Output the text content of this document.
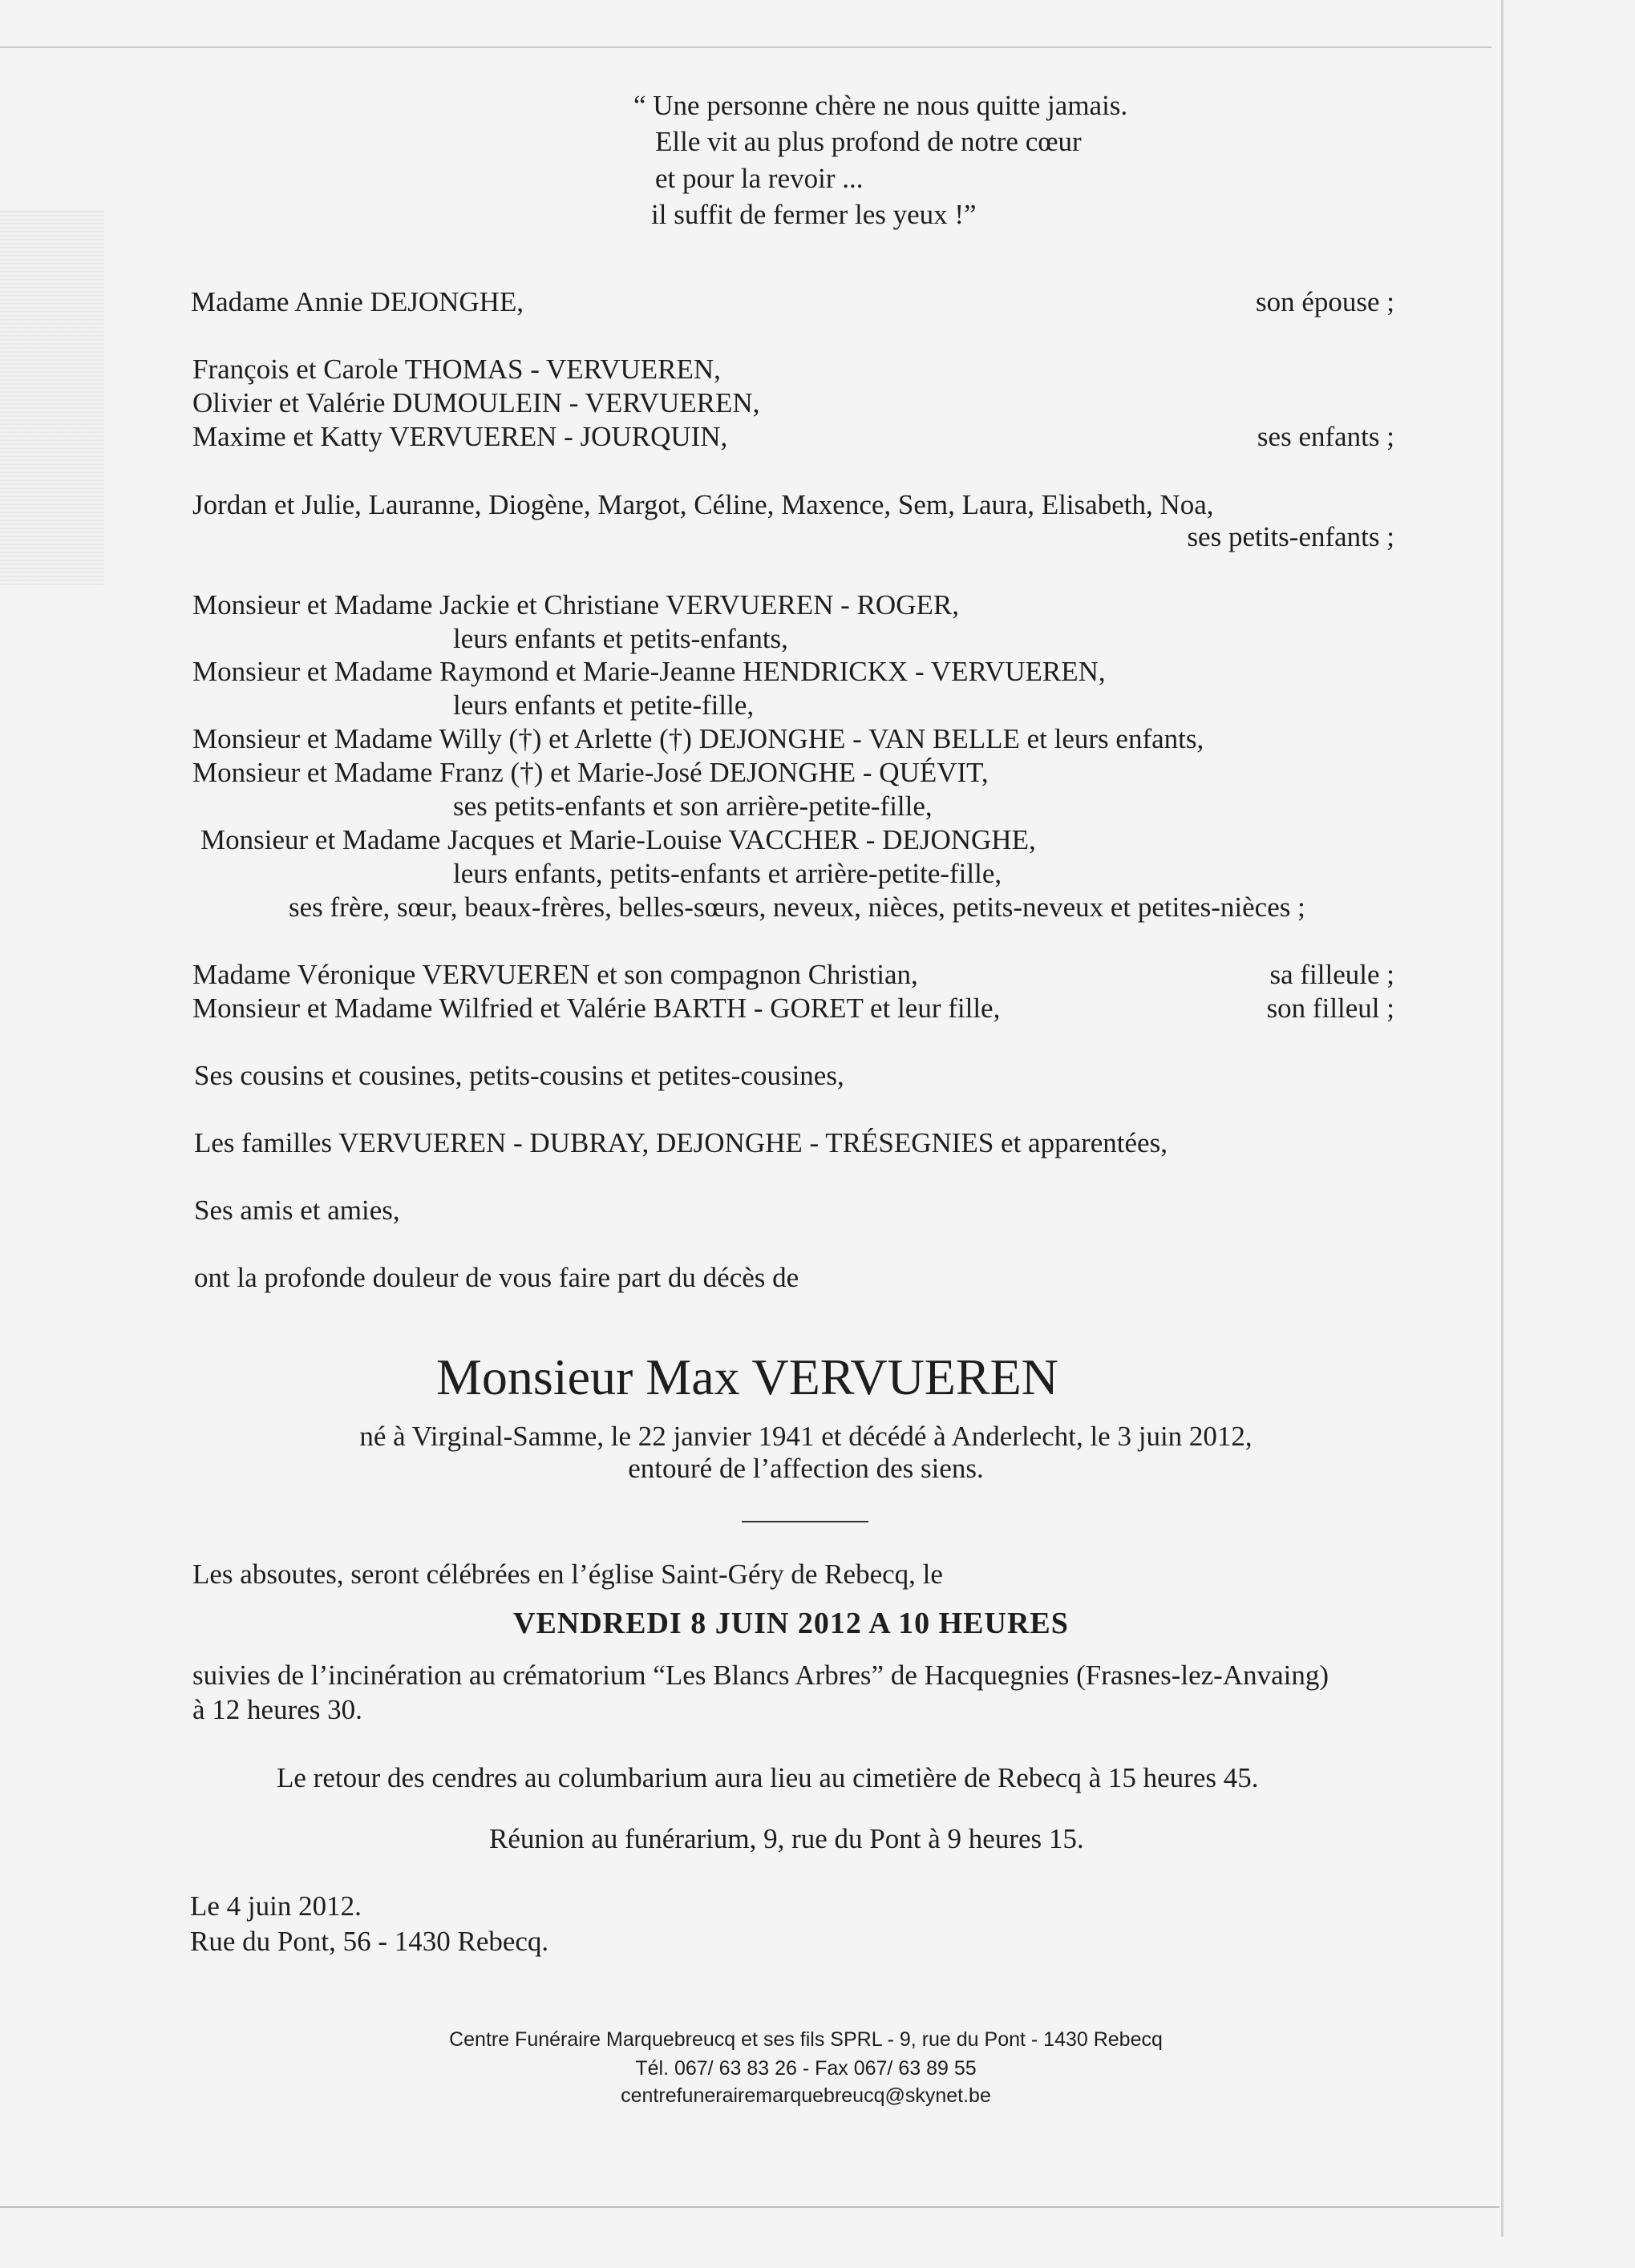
“ Une personne chère ne nous quitte jamais.
Elle vit au plus profond de notre cœur
et pour la revoir ...
il suffit de fermer les yeux !”
Madame Annie DEJONGHE,	son épouse ;
François et Carole THOMAS - VERVUEREN,
Olivier et Valérie DUMOULEIN - VERVUEREN,
Maxime et Katty VERVUEREN - JOURQUIN,	ses enfants ;
Jordan et Julie, Lauranne, Diogène, Margot, Céline, Maxence, Sem, Laura, Elisabeth, Noa,
ses petits-enfants ;
Monsieur et Madame Jackie et Christiane VERVUEREN - ROGER,
leurs enfants et petits-enfants,
Monsieur et Madame Raymond et Marie-Jeanne HENDRICKX - VERVUEREN,
leurs enfants et petite-fille,
Monsieur et Madame Willy (†) et Arlette (†) DEJONGHE - VAN BELLE et leurs enfants,
Monsieur et Madame Franz (†) et Marie-José DEJONGHE - QUÉVIT,
ses petits-enfants et son arrière-petite-fille,
Monsieur et Madame Jacques et Marie-Louise VACCHER - DEJONGHE,
leurs enfants, petits-enfants et arrière-petite-fille,
ses frère, sœur, beaux-frères, belles-sœurs, neveux, nièces, petits-neveux et petites-nièces ;
Madame Véronique VERVUEREN et son compagnon Christian,	sa filleule ;
Monsieur et Madame Wilfried et Valérie BARTH - GORET et leur fille,	son filleul ;
Ses cousins et cousines, petits-cousins et petites-cousines,
Les familles VERVUEREN - DUBRAY, DEJONGHE - TRÉSEGNIES et apparentées,
Ses amis et amies,
ont la profonde douleur de vous faire part du décès de
Monsieur Max VERVUEREN
né à Virginal-Samme, le 22 janvier 1941 et décédé à Anderlecht, le 3 juin 2012,
entouré de l’affection des siens.
Les absoutes, seront célébrées en l’église Saint-Géry de Rebecq, le
VENDREDI 8 JUIN 2012 A 10 HEURES
suivies de l’incinération au crématorium “Les Blancs Arbres” de Hacquegnies (Frasnes-lez-Anvaing)
à 12 heures 30.
Le retour des cendres au columbarium aura lieu au cimetière de Rebecq à 15 heures 45.
Réunion au funérarium, 9, rue du Pont à 9 heures 15.
Le 4 juin 2012.
Rue du Pont, 56 - 1430 Rebecq.
Centre Funéraire Marquebreucq et ses fils SPRL - 9, rue du Pont - 1430 Rebecq
Tél. 067/ 63 83 26 - Fax 067/ 63 89 55
centrefunerairemarquebreucq@skynet.be
